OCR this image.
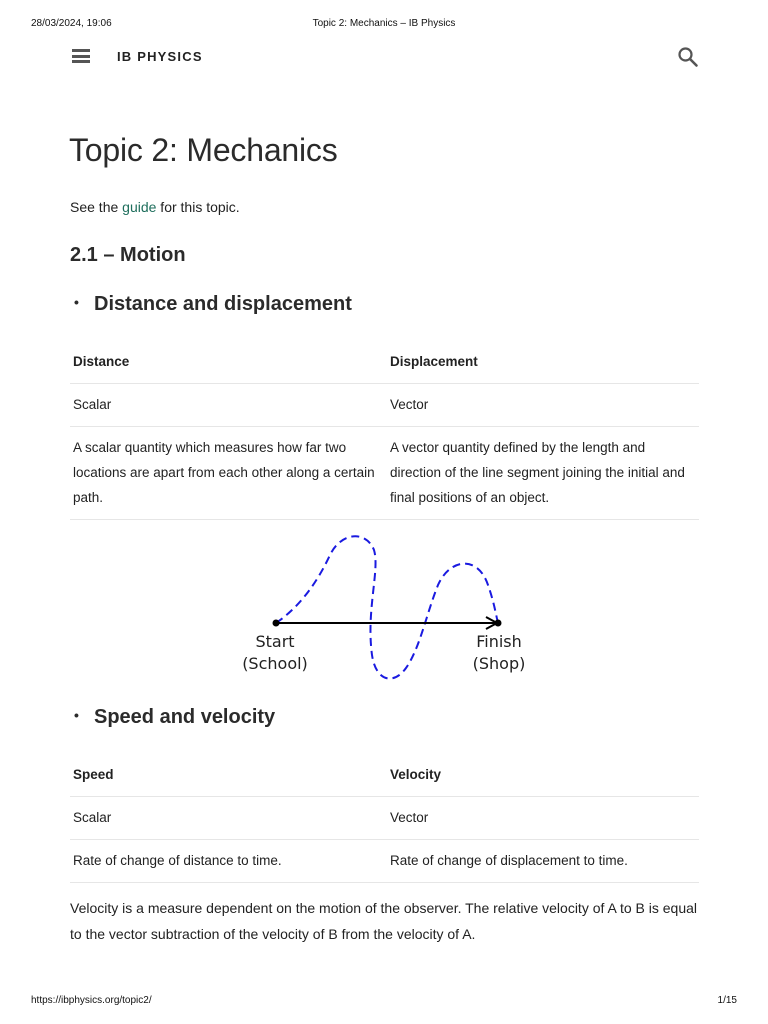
28/03/2024, 19:06	Topic 2: Mechanics – IB Physics
IB PHYSICS
Topic 2: Mechanics
See the guide for this topic.
2.1 – Motion
• Distance and displacement
Distance	Displacement
Scalar	Vector
A scalar quantity which measures how far two locations are apart from each other along a certain path.	A vector quantity defined by the length and direction of the line segment joining the initial and final positions of an object.
Start
(School)
Finish
(Shop)
• Speed and velocity
Speed	Velocity
Scalar	Vector
Rate of change of distance to time.	Rate of change of displacement to time.

Velocity is a measure dependent on the motion of the observer. The relative velocity of A to B is equal to the vector subtraction of the velocity of B from the velocity of A.

https://ibphysics.org/topic2/	1/15
